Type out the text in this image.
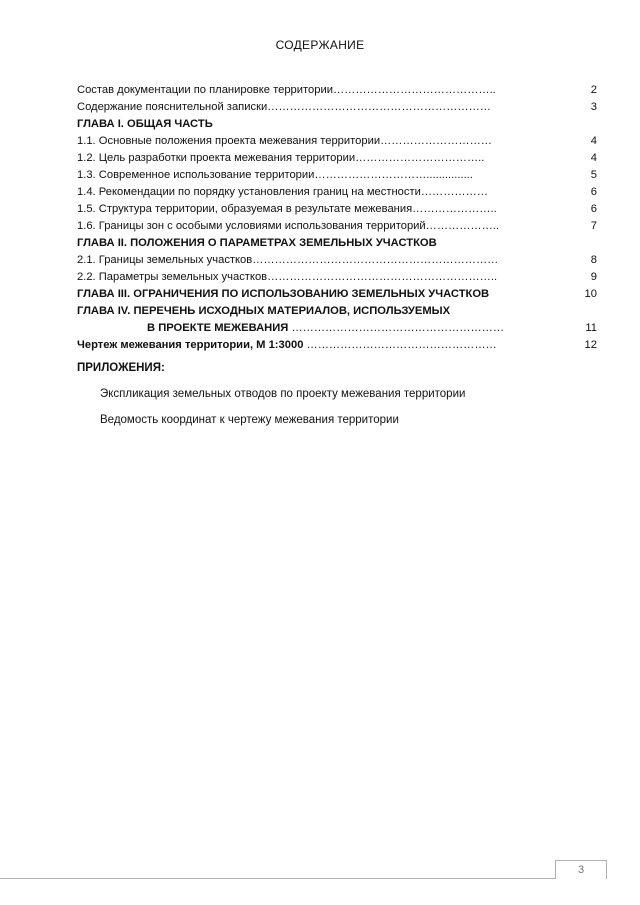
СОДЕРЖАНИЕ
Состав документации по планировке территории……………………………………..	2
Содержание пояснительной записки……………………………………………………	3
ГЛАВА I. ОБЩАЯ ЧАСТЬ
1.1. Основные положения проекта межевания территории…………………………	4
1.2. Цель разработки проекта межевания территории……………………………..	4
1.3. Современное использование территории…………………………...............	5
1.4. Рекомендации по порядку установления границ на местности………………	6
1.5. Структура территории, образуемая в результате межевания…………………..	6
1.6. Границы зон с особыми условиями использования территорий………………..	7
ГЛАВА II. ПОЛОЖЕНИЯ О ПАРАМЕТРАХ ЗЕМЕЛЬНЫХ УЧАСТКОВ
2.1. Границы земельных участков…………………………………………………………	8
2.2. Параметры земельных участков……………………………………………………..	9
ГЛАВА III. ОГРАНИЧЕНИЯ ПО ИСПОЛЬЗОВАНИЮ ЗЕМЕЛЬНЫХ УЧАСТКОВ	10
ГЛАВА IV. ПЕРЕЧЕНЬ ИСХОДНЫХ МАТЕРИАЛОВ, ИСПОЛЬЗУЕМЫХ
В ПРОЕКТЕ МЕЖЕВАНИЯ …………………………………………………	11
Чертеж межевания территории, М 1:3000 ……………………………………………	12
ПРИЛОЖЕНИЯ:
Экспликация земельных отводов по проекту межевания территории
Ведомость координат к чертежу межевания территории
3
